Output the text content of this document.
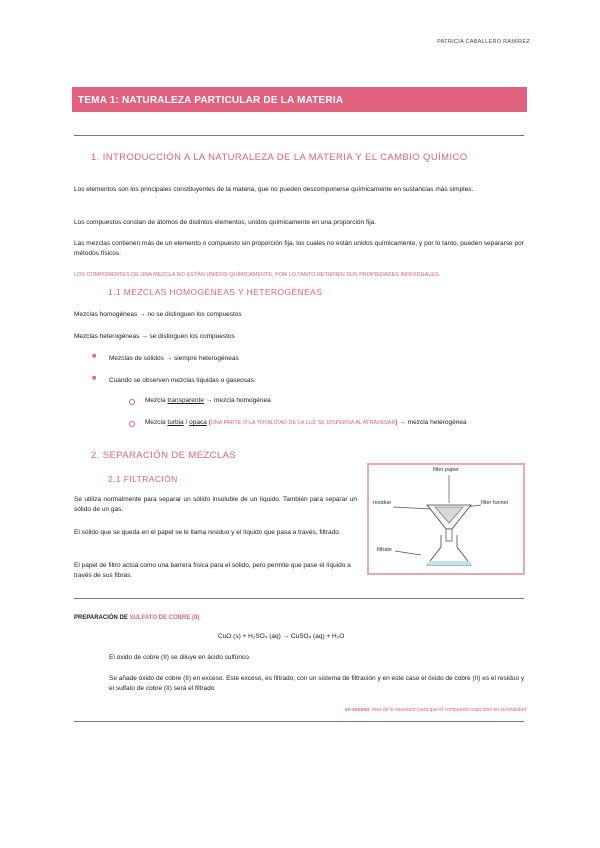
PATRICIA CABALLERO RAMÍREZ
TEMA 1: NATURALEZA PARTICULAR DE LA MATERIA
1. INTRODUCCIÓN A LA NATURALEZA DE LA MATERIA Y EL CAMBIO QUÍMICO
Los elementos son los principales constituyentes de la materia, que no pueden descomponerse químicamente en sustancias más simples.
Los compuestos constan de átomos de distintos elementos, unidos químicamente en una proporción fija.
Las mezclas contienen más de un elemento o compuesto sin proporción fija, los cuales no están unidos químicamente, y por lo tanto, pueden separarse por métodos físicos.
LOS COMPONENTES DE UNA MEZCLA NO ESTÁN UNIDOS QUÍMICAMENTE, POR LO TANTO RETIENEN SUS PROPIEDADES INDIVIDUALES.
1.1 MEZCLAS HOMOGÉNEAS Y HETEROGÉNEAS
Mezclas homogéneas → no se distinguen los compuestos
Mezclas heterogéneas → se distinguen los compuestos
■ Mezclas de sólidos → siempre heterogéneas
■ Cuando se observen mezclas líquidas o gaseosas:
Mezcla transparente → mezcla homogénea
Mezcla turbia / opaca (UNA PARTE O LA TOTALIDAD DE LA LUZ SE DISPERSA AL ATRAVESAR) → mezcla heterogénea
2. SEPARACIÓN DE MEZCLAS
2.1 FILTRACIÓN
Se utiliza normalmente para separar un sólido insoluble de un líquido. También para separar un sólido de un gas.
El sólido que se queda en el papel se le llama residuo y el líquido que pasa a través, filtrado.
El papel de filtro actúa como una barrera física para el sólido, pero permite que pase el líquido a través de sus fibras.
filter paper
residue	filter funnel
filtrate
PREPARACIÓN DE SULFATO DE COBRE (II)
CuO (s) + H₂SO₄ (aq) → CuSO₄ (aq) + H₂O
El óxido de cobre (II) se diluye en ácido sulfúrico.
Se añade óxido de cobre (II) en exceso. Este exceso, es filtrado, con un sistema de filtración y en este caso el óxido de cobre (II) es el residuo y el sulfato de cobre (II) será el filtrado
en exceso: más de lo necesario para que el compuesto reaccione en su totalidad
